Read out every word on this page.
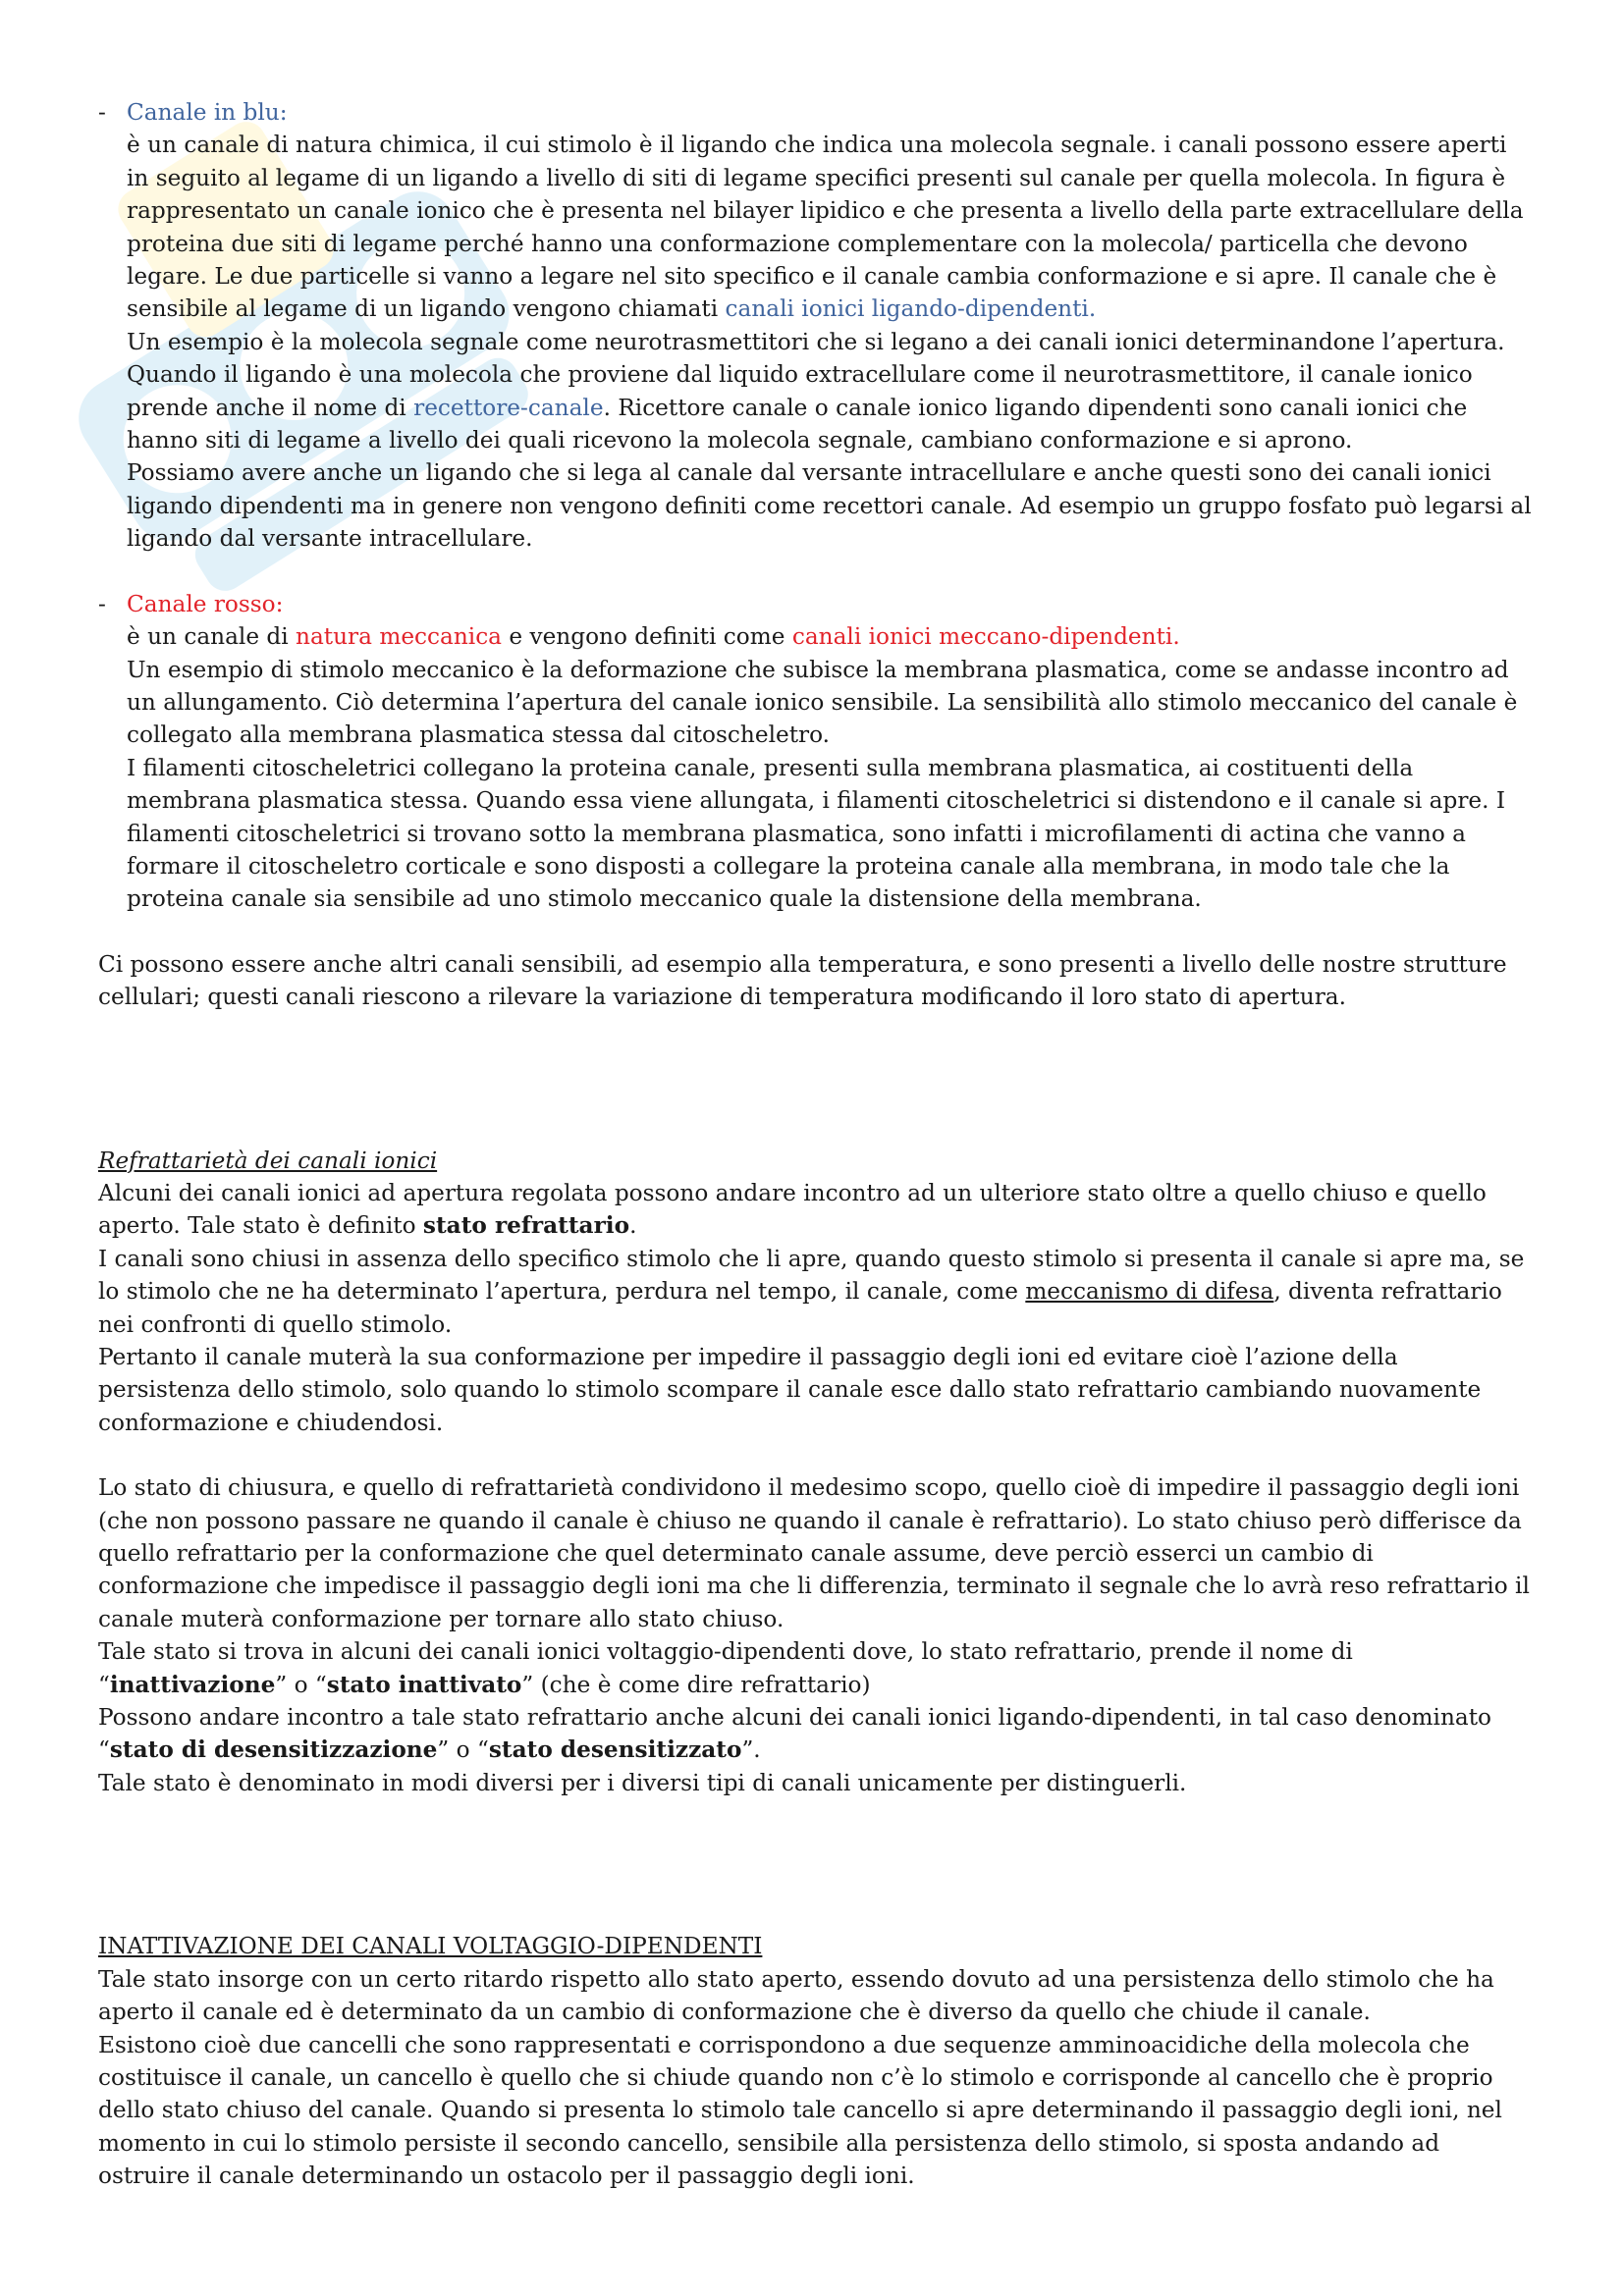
- Canale in blu:

è un canale di natura chimica, il cui stimolo è il ligando che indica una molecola segnale. i canali possono essere aperti in seguito al legame di un ligando a livello di siti di legame specifici presenti sul canale per quella molecola. In figura è rappresentato un canale ionico che è presenta nel bilayer lipidico e che presenta a livello della parte extracellulare della proteina due siti di legame perché hanno una conformazione complementare con la molecola/ particella che devono legare. Le due particelle si vanno a legare nel sito specifico e il canale cambia conformazione e si apre. Il canale che è sensibile al legame di un ligando vengono chiamati canali ionici ligando-dipendenti.

Un esempio è la molecola segnale come neurotrasmettitori che si legano a dei canali ionici determinandone l’apertura.

Quando il ligando è una molecola che proviene dal liquido extracellulare come il neurotrasmettitore, il canale ionico prende anche il nome di recettore-canale. Ricettore canale o canale ionico ligando dipendenti sono canali ionici che hanno siti di legame a livello dei quali ricevono la molecola segnale, cambiano conformazione e si aprono.

Possiamo avere anche un ligando che si lega al canale dal versante intracellulare e anche questi sono dei canali ionici ligando dipendenti ma in genere non vengono definiti come recettori canale. Ad esempio un gruppo fosfato può legarsi al ligando dal versante intracellulare.

- Canale rosso:

è un canale di natura meccanica e vengono definiti come canali ionici meccano-dipendenti.

Un esempio di stimolo meccanico è la deformazione che subisce la membrana plasmatica, come se andasse incontro ad un allungamento. Ciò determina l’apertura del canale ionico sensibile. La sensibilità allo stimolo meccanico del canale è collegato alla membrana plasmatica stessa dal citoscheletro.

I filamenti citoscheletrici collegano la proteina canale, presenti sulla membrana plasmatica, ai costituenti della membrana plasmatica stessa. Quando essa viene allungata, i filamenti citoscheletrici si distendono e il canale si apre. I filamenti citoscheletrici si trovano sotto la membrana plasmatica, sono infatti i microfilamenti di actina che vanno a formare il citoscheletro corticale e sono disposti a collegare la proteina canale alla membrana, in modo tale che la proteina canale sia sensibile ad uno stimolo meccanico quale la distensione della membrana.

Ci possono essere anche altri canali sensibili, ad esempio alla temperatura, e sono presenti a livello delle nostre strutture cellulari; questi canali riescono a rilevare la variazione di temperatura modificando il loro stato di apertura.

Refrattarietà dei canali ionici

Alcuni dei canali ionici ad apertura regolata possono andare incontro ad un ulteriore stato oltre a quello chiuso e quello aperto. Tale stato è definito stato refrattario.

I canali sono chiusi in assenza dello specifico stimolo che li apre, quando questo stimolo si presenta il canale si apre ma, se lo stimolo che ne ha determinato l’apertura, perdura nel tempo, il canale, come meccanismo di difesa, diventa refrattario nei confronti di quello stimolo.

Pertanto il canale muterà la sua conformazione per impedire il passaggio degli ioni ed evitare cioè l’azione della persistenza dello stimolo, solo quando lo stimolo scompare il canale esce dallo stato refrattario cambiando nuovamente conformazione e chiudendosi.

Lo stato di chiusura, e quello di refrattarietà condividono il medesimo scopo, quello cioè di impedire il passaggio degli ioni (che non possono passare ne quando il canale è chiuso ne quando il canale è refrattario). Lo stato chiuso però differisce da quello refrattario per la conformazione che quel determinato canale assume, deve perciò esserci un cambio di conformazione che impedisce il passaggio degli ioni ma che li differenzia, terminato il segnale che lo avrà reso refrattario il canale muterà conformazione per tornare allo stato chiuso.

Tale stato si trova in alcuni dei canali ionici voltaggio-dipendenti dove, lo stato refrattario, prende il nome di “inattivazione” o “stato inattivato” (che è come dire refrattario)

Possono andare incontro a tale stato refrattario anche alcuni dei canali ionici ligando-dipendenti, in tal caso denominato “stato di desensitizzazione” o “stato desensitizzato”.

Tale stato è denominato in modi diversi per i diversi tipi di canali unicamente per distinguerli.

INATTIVAZIONE DEI CANALI VOLTAGGIO-DIPENDENTI

Tale stato insorge con un certo ritardo rispetto allo stato aperto, essendo dovuto ad una persistenza dello stimolo che ha aperto il canale ed è determinato da un cambio di conformazione che è diverso da quello che chiude il canale.

Esistono cioè due cancelli che sono rappresentati e corrispondono a due sequenze amminoacidiche della molecola che costituisce il canale, un cancello è quello che si chiude quando non c’è lo stimolo e corrisponde al cancello che è proprio dello stato chiuso del canale. Quando si presenta lo stimolo tale cancello si apre determinando il passaggio degli ioni, nel momento in cui lo stimolo persiste il secondo cancello, sensibile alla persistenza dello stimolo, si sposta andando ad ostruire il canale determinando un ostacolo per il passaggio degli ioni.
